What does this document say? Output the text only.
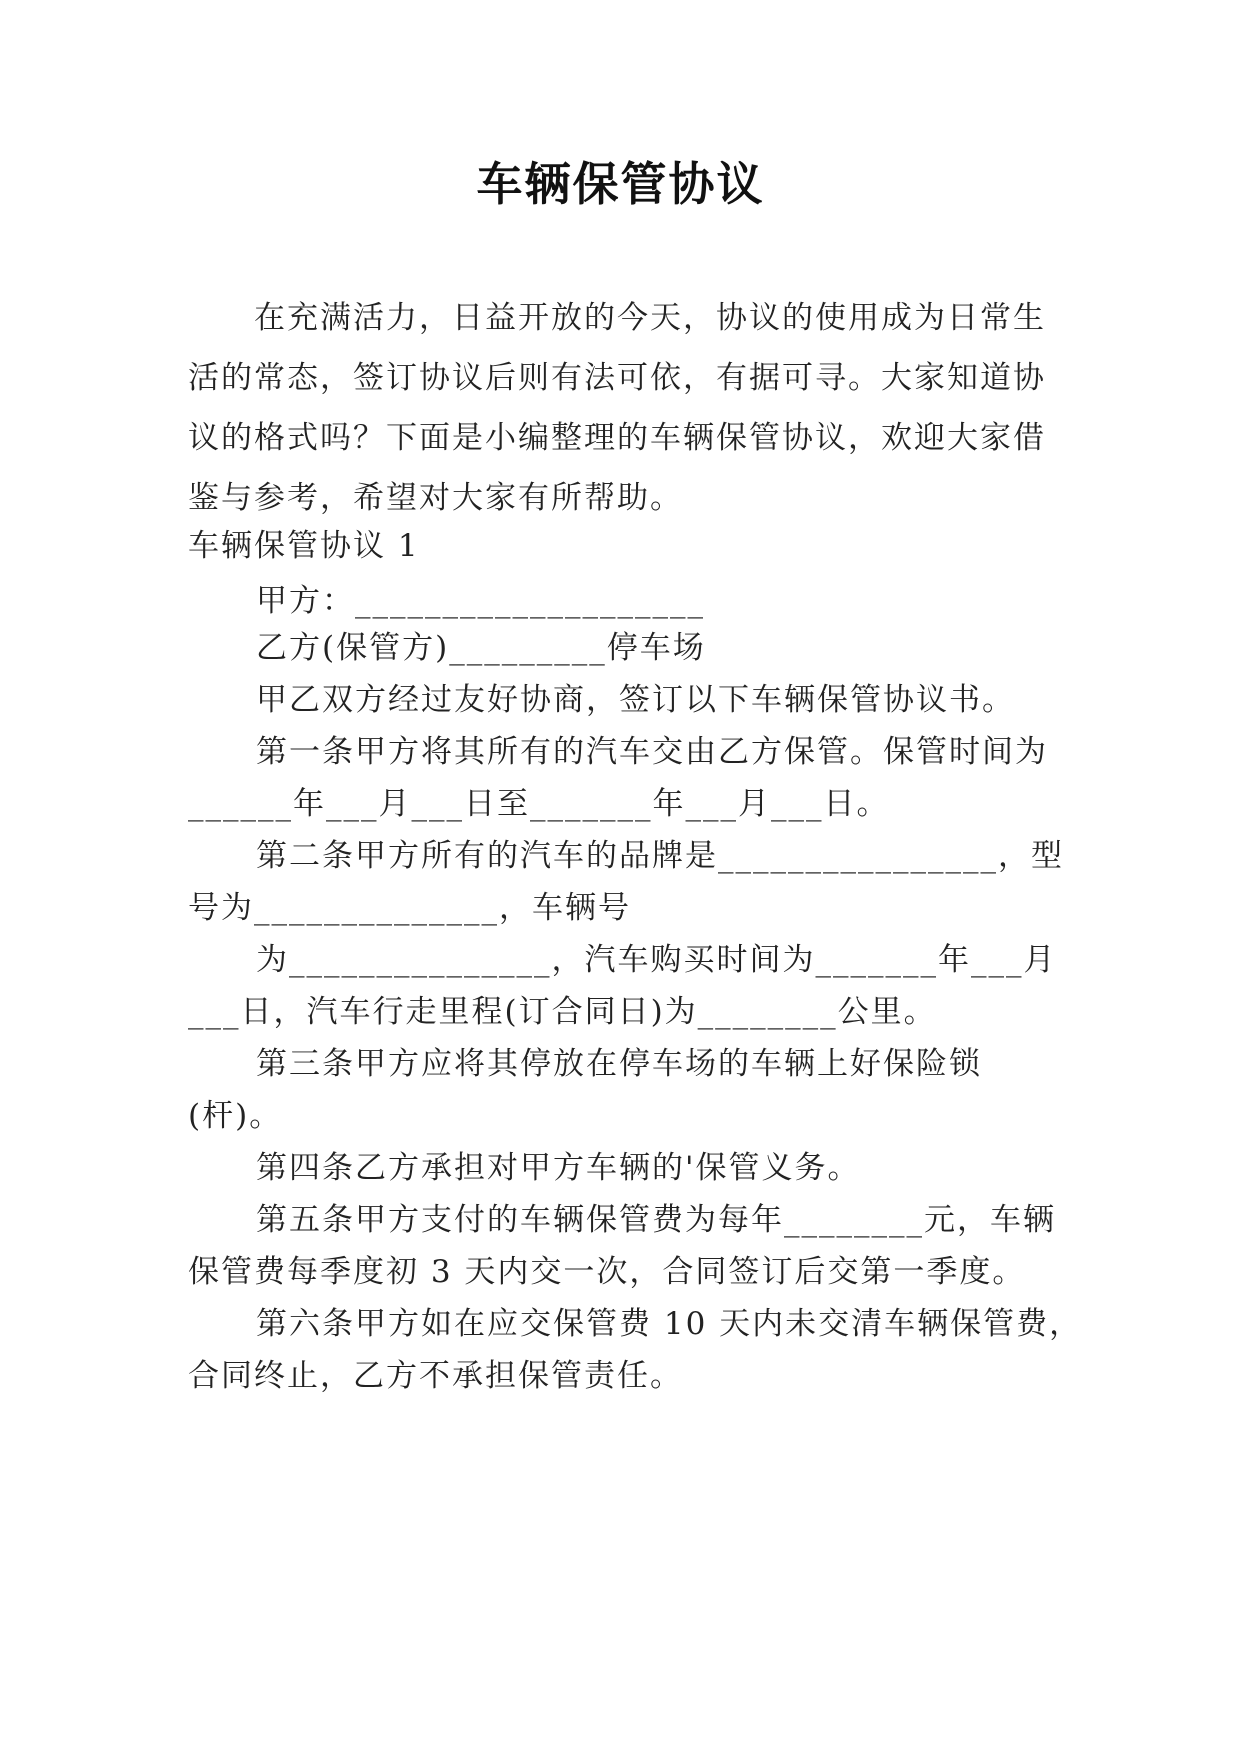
车辆保管协议
在充满活力，日益开放的今天，协议的使用成为日常生活的常态，签订协议后则有法可依，有据可寻。大家知道协议的格式吗？下面是小编整理的车辆保管协议，欢迎大家借鉴与参考，希望对大家有所帮助。
车辆保管协议 1
甲方：____________________
乙方(保管方)_________停车场
甲乙双方经过友好协商，签订以下车辆保管协议书。
第一条甲方将其所有的汽车交由乙方保管。保管时间为
______年___月___日至_______年___月___日。
第二条甲方所有的汽车的品牌是________________，型
号为______________，车辆号
为_______________，汽车购买时间为_______年___月
___日，汽车行走里程(订合同日)为________公里。
第三条甲方应将其停放在停车场的车辆上好保险锁
(杆)。
第四条乙方承担对甲方车辆的'保管义务。
第五条甲方支付的车辆保管费为每年________元，车辆
保管费每季度初 3 天内交一次，合同签订后交第一季度。
第六条甲方如在应交保管费 10 天内未交清车辆保管费，
合同终止，乙方不承担保管责任。
